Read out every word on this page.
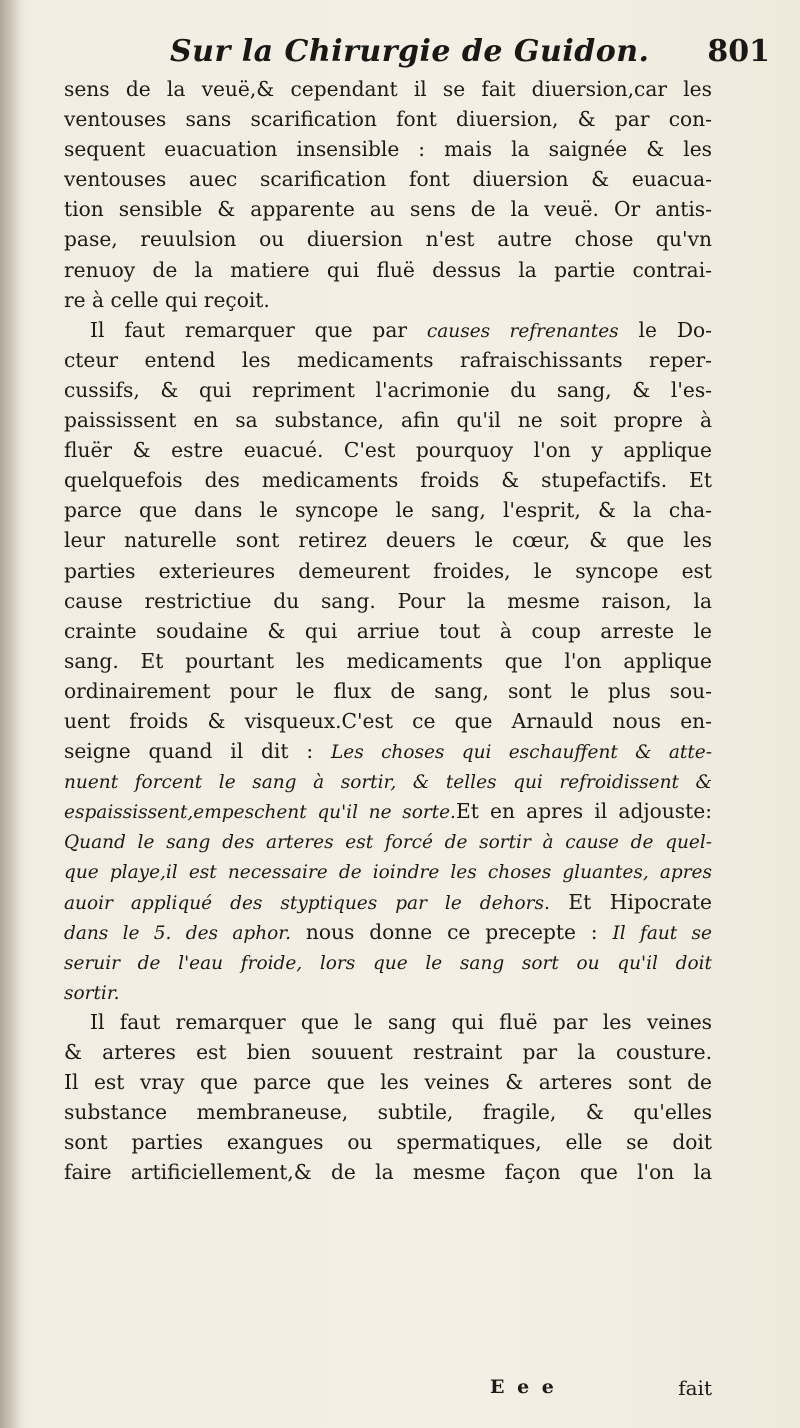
Sur la Chirurgie de Guidon. 801
sens de la veuë,& cependant il se fait diuersion,car les
ventouses sans scarification font diuersion, & par con-
sequent euacuation insensible : mais la saignée & les
ventouses auec scarification font diuersion & euacua-
tion sensible & apparente au sens de la veuë. Or antis-
pase, reuulsion ou diuersion n'est autre chose qu'vn
renuoy de la matiere qui fluë dessus la partie contrai-
re à celle qui reçoit.
Il faut remarquer que par causes refrenantes le Do-
cteur entend les medicaments rafraischissants reper-
cussifs, & qui repriment l'acrimonie du sang, & l'es-
paississent en sa substance, afin qu'il ne soit propre à
fluër & estre euacué. C'est pourquoy l'on y applique
quelquefois des medicaments froids & stupefactifs. Et
parce que dans le syncope le sang, l'esprit, & la cha-
leur naturelle sont retirez deuers le cœur, & que les
parties exterieures demeurent froides, le syncope est
cause restrictiue du sang. Pour la mesme raison, la
crainte soudaine & qui arriue tout à coup arreste le
sang. Et pourtant les medicaments que l'on applique
ordinairement pour le flux de sang, sont le plus sou-
uent froids & visqueux.C'est ce que Arnauld nous en-
seigne quand il dit : Les choses qui eschauffent & atte-
nuent forcent le sang à sortir, & telles qui refroidissent &
espaississent,empeschent qu'il ne sorte.Et en apres il adjouste:
Quand le sang des arteres est forcé de sortir à cause de quel-
que playe,il est necessaire de ioindre les choses gluantes, apres
auoir appliqué des styptiques par le dehors. Et Hipocrate
dans le 5. des aphor. nous donne ce precepte : Il faut se
seruir de l'eau froide, lors que le sang sort ou qu'il doit
sortir.
Il faut remarquer que le sang qui fluë par les veines
& arteres est bien souuent restraint par la cousture.
Il est vray que parce que les veines & arteres sont de
substance membraneuse, subtile, fragile, & qu'elles
sont parties exangues ou spermatiques, elle se doit
faire artificiellement,& de la mesme façon que l'on la
E e e	fait
